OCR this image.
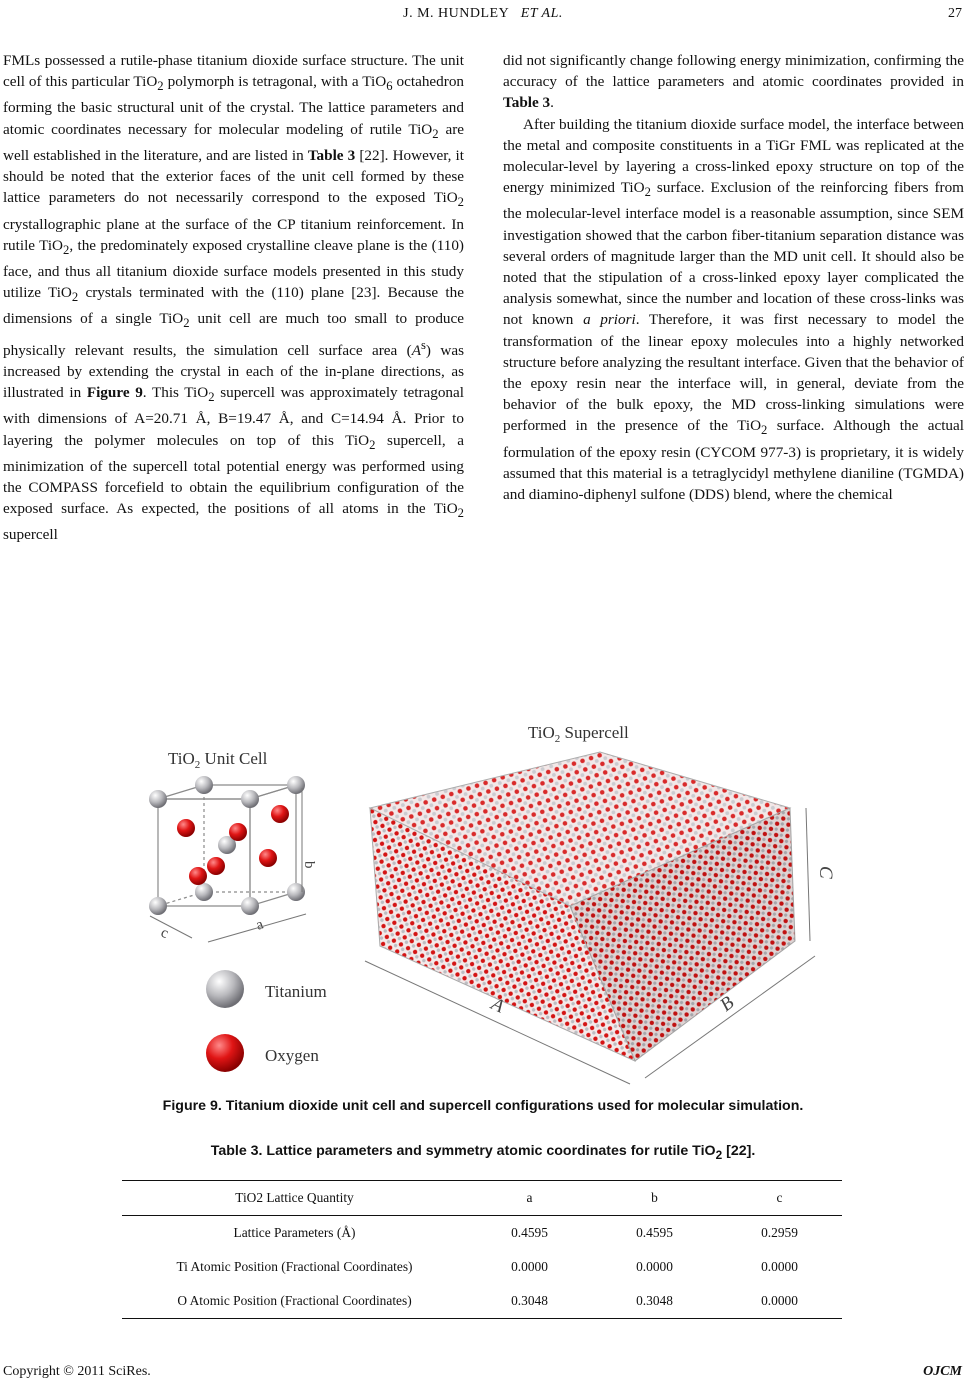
J. M. HUNDLEY ET AL.	27

FMLs possessed a rutile-phase titanium dioxide surface structure. The unit cell of this particular TiO$_2$ polymorph is tetragonal, with a TiO$_6$ octahedron forming the basic structural unit of the crystal. The lattice parameters and atomic coordinates necessary for molecular modeling of rutile TiO$_2$ are well established in the literature, and are listed in Table 3 [22]. However, it should be noted that the exterior faces of the unit cell formed by these lattice parameters do not necessarily correspond to the exposed TiO$_2$ crystallographic plane at the surface of the CP titanium reinforcement. In rutile TiO$_2$, the predominately exposed crystalline cleave plane is the (110) face, and thus all titanium dioxide surface models presented in this study utilize TiO$_2$ crystals terminated with the (110) plane [23]. Because the dimensions of a single TiO$_2$ unit cell are much too small to produce physically relevant results, the simulation cell surface area $(A^s)$ was increased by extending the crystal in each of the in-plane directions, as illustrated in Figure 9. This TiO$_2$ supercell was approximately tetragonal with dimensions of A=20.71 Å, B=19.47 Å, and C=14.94 Å. Prior to layering the polymer molecules on top of this TiO$_2$ supercell, a minimization of the supercell total potential energy was performed using the COMPASS forcefield to obtain the equilibrium configuration of the exposed surface. As expected, the positions of all atoms in the TiO$_2$ supercell

did not significantly change following energy minimization, confirming the accuracy of the lattice parameters and atomic coordinates provided in Table 3.

After building the titanium dioxide surface model, the interface between the metal and composite constituents in a TiGr FML was replicated at the molecular-level by layering a cross-linked epoxy structure on top of the energy minimized TiO$_2$ surface. Exclusion of the reinforcing fibers from the molecular-level interface model is a reasonable assumption, since SEM investigation showed that the carbon fiber-titanium separation distance was several orders of magnitude larger than the MD unit cell. It should also be noted that the stipulation of a cross-linked epoxy layer complicated the analysis somewhat, since the number and location of these cross-links was not known a priori. Therefore, it was first necessary to model the transformation of the linear epoxy molecules into a highly networked structure before analyzing the resultant interface. Given that the behavior of the epoxy resin near the interface will, in general, deviate from the behavior of the bulk epoxy, the MD cross-linking simulations were performed in the presence of the TiO$_2$ surface. Although the actual formulation of the epoxy resin (CYCOM 977-3) is proprietary, it is widely assumed that this material is a tetraglycidyl methylene dianiline (TGMDA) and diamino-diphenyl sulfone (DDS) blend, where the chemical

TiO$_2$ Unit Cell
b
a
c
TiO$_2$ Supercell
A	B
C
Titanium
Oxygen
Figure 9. Titanium dioxide unit cell and supercell configurations used for molecular simulation.
Table 3. Lattice parameters and symmetry atomic coordinates for rutile TiO$_2$ [22].
TiO2 Lattice Quantity	a	b	c
Lattice Parameters (Å)	0.4595	0.4595	0.2959
Ti Atomic Position (Fractional Coordinates)	0.0000	0.0000	0.0000
O Atomic Position (Fractional Coordinates)	0.3048	0.3048	0.0000
Copyright © 2011 SciRes.	OJCM
